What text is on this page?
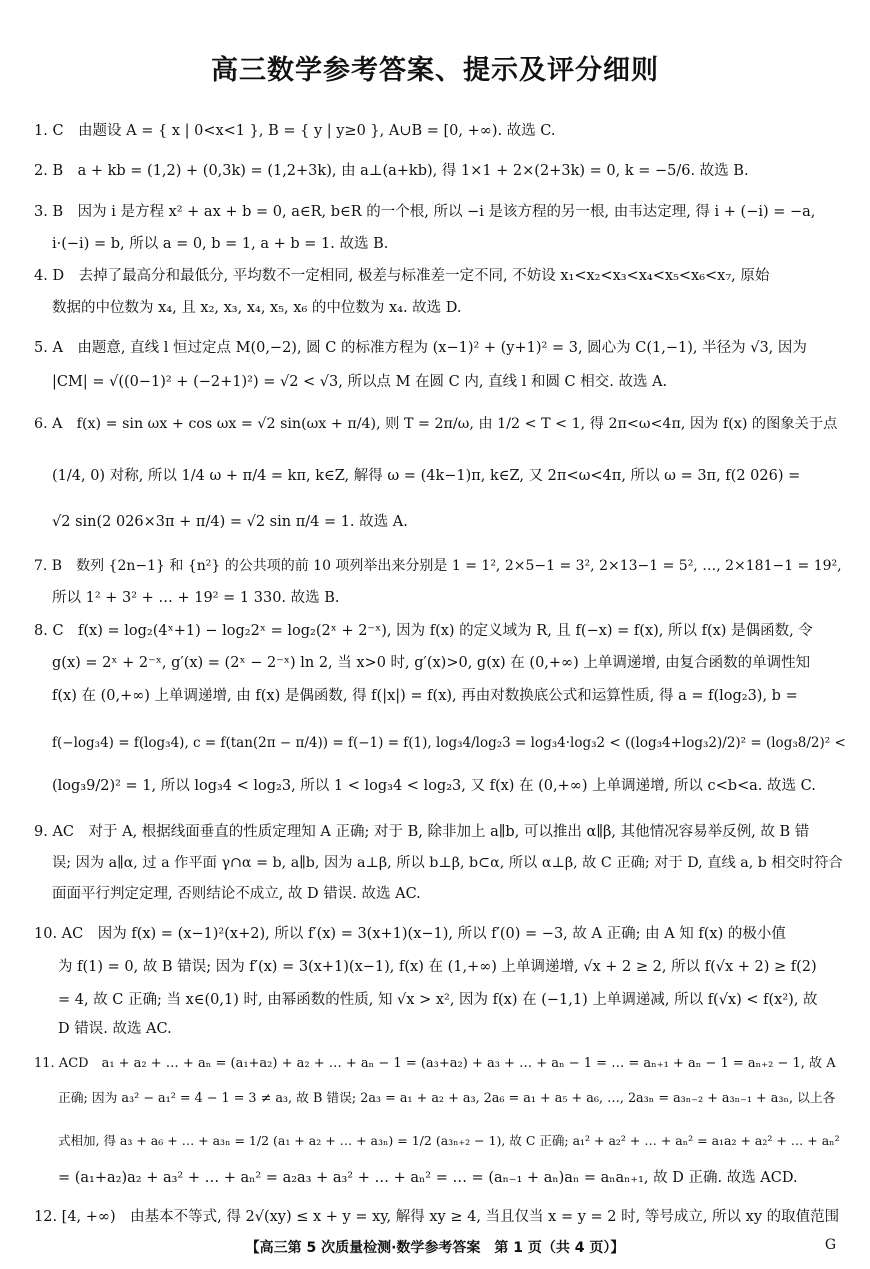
高三数学参考答案、提示及评分细则
1. C　由题设 A = { x | 0<x<1 }, B = { y | y≥0 }, A∪B = [0, +∞). 故选 C.
2. B　a + kb = (1,2) + (0,3k) = (1,2+3k), 由 a⊥(a+kb), 得 1×1 + 2×(2+3k) = 0, k = −5/6. 故选 B.
3. B　因为 i 是方程 x² + ax + b = 0, a∈R, b∈R 的一个根, 所以 −i 是该方程的另一根, 由韦达定理, 得 i + (−i) = −a,
i·(−i) = b, 所以 a = 0, b = 1, a + b = 1. 故选 B.
4. D　去掉了最高分和最低分, 平均数不一定相同, 极差与标准差一定不同, 不妨设 x₁<x₂<x₃<x₄<x₅<x₆<x₇, 原始
数据的中位数为 x₄, 且 x₂, x₃, x₄, x₅, x₆ 的中位数为 x₄. 故选 D.
5. A　由题意, 直线 l 恒过定点 M(0,−2), 圆 C 的标准方程为 (x−1)² + (y+1)² = 3, 圆心为 C(1,−1), 半径为 √3, 因为
|CM| = √((0−1)² + (−2+1)²) = √2 < √3, 所以点 M 在圆 C 内, 直线 l 和圆 C 相交. 故选 A.
6. A　f(x) = sin ωx + cos ωx = √2 sin(ωx + π/4), 则 T = 2π/ω, 由 1/2 < T < 1, 得 2π<ω<4π, 因为 f(x) 的图象关于点
(1/4, 0) 对称, 所以 1/4 ω + π/4 = kπ, k∈Z, 解得 ω = (4k−1)π, k∈Z, 又 2π<ω<4π, 所以 ω = 3π, f(2 026) =
√2 sin(2 026×3π + π/4) = √2 sin π/4 = 1. 故选 A.
7. B　数列 {2n−1} 和 {n²} 的公共项的前 10 项列举出来分别是 1 = 1², 2×5−1 = 3², 2×13−1 = 5², …, 2×181−1 = 19²,
所以 1² + 3² + … + 19² = 1 330. 故选 B.
8. C　f(x) = log₂(4ˣ+1) − log₂2ˣ = log₂(2ˣ + 2⁻ˣ), 因为 f(x) 的定义域为 R, 且 f(−x) = f(x), 所以 f(x) 是偶函数, 令
g(x) = 2ˣ + 2⁻ˣ, g′(x) = (2ˣ − 2⁻ˣ) ln 2, 当 x>0 时, g′(x)>0, g(x) 在 (0,+∞) 上单调递增, 由复合函数的单调性知
f(x) 在 (0,+∞) 上单调递增, 由 f(x) 是偶函数, 得 f(|x|) = f(x), 再由对数换底公式和运算性质, 得 a = f(log₂3), b =
f(−log₃4) = f(log₃4), c = f(tan(2π − π/4)) = f(−1) = f(1), log₃4/log₂3 = log₃4·log₃2 < ((log₃4+log₃2)/2)² = (log₃8/2)² <
(log₃9/2)² = 1, 所以 log₃4 < log₂3, 所以 1 < log₃4 < log₂3, 又 f(x) 在 (0,+∞) 上单调递增, 所以 c<b<a. 故选 C.
9. AC　对于 A, 根据线面垂直的性质定理知 A 正确; 对于 B, 除非加上 a∥b, 可以推出 α∥β, 其他情况容易举反例, 故 B 错
误; 因为 a∥α, 过 a 作平面 γ∩α = b, a∥b, 因为 a⊥β, 所以 b⊥β, b⊂α, 所以 α⊥β, 故 C 正确; 对于 D, 直线 a, b 相交时符合
面面平行判定定理, 否则结论不成立, 故 D 错误. 故选 AC.
10. AC　因为 f(x) = (x−1)²(x+2), 所以 f′(x) = 3(x+1)(x−1), 所以 f′(0) = −3, 故 A 正确; 由 A 知 f(x) 的极小值
为 f(1) = 0, 故 B 错误; 因为 f′(x) = 3(x+1)(x−1), f(x) 在 (1,+∞) 上单调递增, √x + 2 ≥ 2, 所以 f(√x + 2) ≥ f(2)
= 4, 故 C 正确; 当 x∈(0,1) 时, 由幂函数的性质, 知 √x > x², 因为 f(x) 在 (−1,1) 上单调递减, 所以 f(√x) < f(x²), 故
D 错误. 故选 AC.
11. ACD　a₁ + a₂ + … + aₙ = (a₁+a₂) + a₂ + … + aₙ − 1 = (a₃+a₂) + a₃ + … + aₙ − 1 = … = aₙ₊₁ + aₙ − 1 = aₙ₊₂ − 1, 故 A
正确; 因为 a₃² − a₁² = 4 − 1 = 3 ≠ a₃, 故 B 错误; 2a₃ = a₁ + a₂ + a₃, 2a₆ = a₁ + a₅ + a₆, …, 2a₃ₙ = a₃ₙ₋₂ + a₃ₙ₋₁ + a₃ₙ, 以上各
式相加, 得 a₃ + a₆ + … + a₃ₙ = 1/2 (a₁ + a₂ + … + a₃ₙ) = 1/2 (a₃ₙ₊₂ − 1), 故 C 正确; a₁² + a₂² + … + aₙ² = a₁a₂ + a₂² + … + aₙ²
= (a₁+a₂)a₂ + a₃² + … + aₙ² = a₂a₃ + a₃² + … + aₙ² = … = (aₙ₋₁ + aₙ)aₙ = aₙaₙ₊₁, 故 D 正确. 故选 ACD.
12. [4, +∞)　由基本不等式, 得 2√(xy) ≤ x + y = xy, 解得 xy ≥ 4, 当且仅当 x = y = 2 时, 等号成立, 所以 xy 的取值范围
【高三第 5 次质量检测·数学参考答案　第 1 页（共 4 页）】	G
